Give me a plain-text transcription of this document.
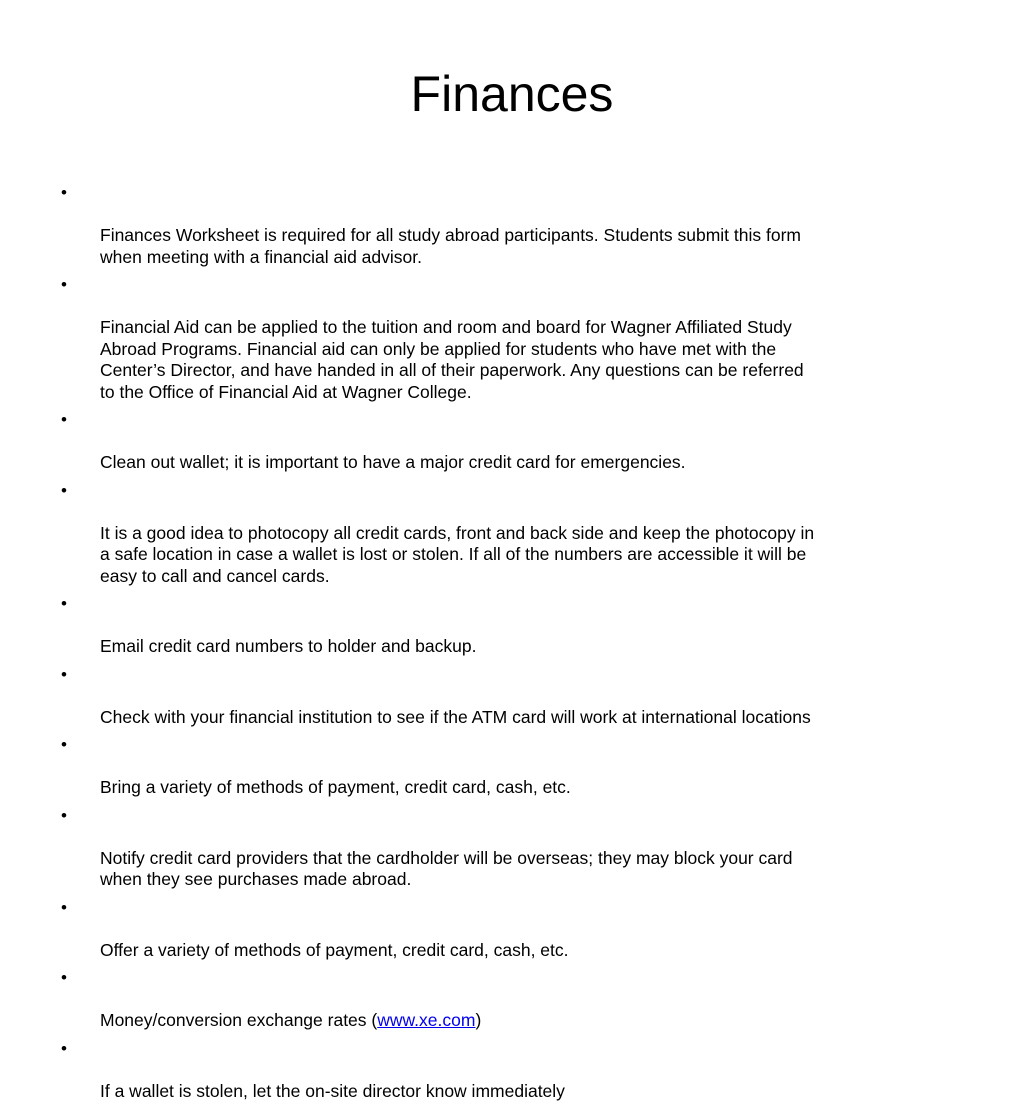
Finances

•

Finances Worksheet is required for all study abroad participants. Students submit this form
when meeting with a financial aid advisor.

•

Financial Aid can be applied to the tuition and room and board for Wagner Affiliated Study
Abroad Programs. Financial aid can only be applied for students who have met with the
Center’s Director, and have handed in all of their paperwork. Any questions can be referred
to the Office of Financial Aid at Wagner College.

•

Clean out wallet; it is important to have a major credit card for emergencies.

•

It is a good idea to photocopy all credit cards, front and back side and keep the photocopy in
a safe location in case a wallet is lost or stolen. If all of the numbers are accessible it will be
easy to call and cancel cards.

•

Email credit card numbers to holder and backup.

•

Check with your financial institution to see if the ATM card will work at international locations

•

Bring a variety of methods of payment, credit card, cash, etc.

•

Notify credit card providers that the cardholder will be overseas; they may block your card
when they see purchases made abroad.

•

Offer a variety of methods of payment, credit card, cash, etc.

•

Money/conversion exchange rates (www.xe.com)

•

If a wallet is stolen, let the on-site director know immediately
